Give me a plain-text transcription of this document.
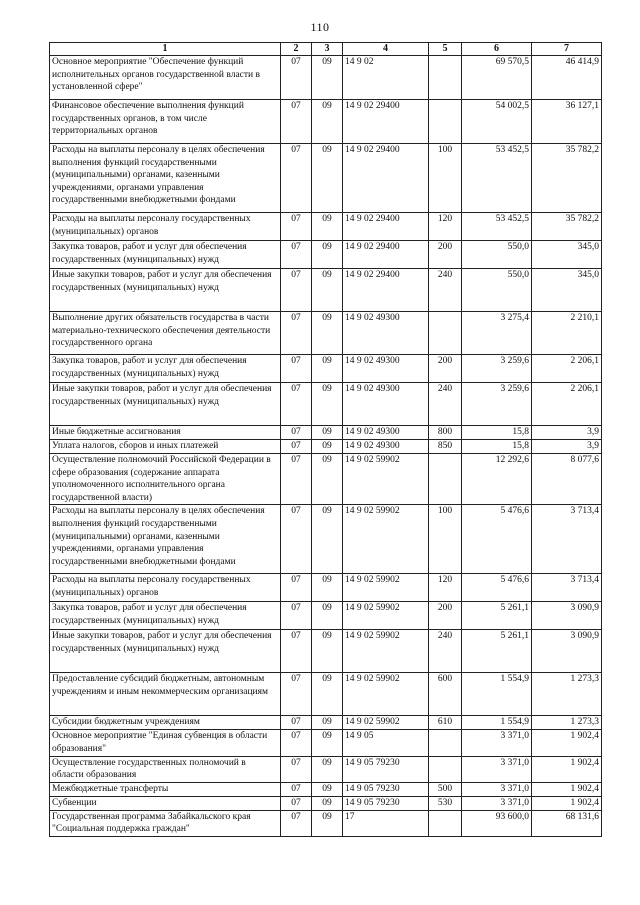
110
1	2	3	4	5	6	7
Основное мероприятие "Обеспечение функций исполнительных органов государственной власти в установленной сфере"	07	09	14 9 02		69 570,5	46 414,9
Финансовое обеспечение выполнения функций государственных органов, в том числе территориальных органов	07	09	14 9 02 29400		54 002,5	36 127,1
Расходы на выплаты персоналу в целях обеспечения выполнения функций государственными (муниципальными) органами, казенными учреждениями, органами управления государственными внебюджетными фондами	07	09	14 9 02 29400	100	53 452,5	35 782,2
Расходы на выплаты персоналу государственных (муниципальных) органов	07	09	14 9 02 29400	120	53 452,5	35 782,2
Закупка товаров, работ и услуг для обеспечения государственных (муниципальных) нужд	07	09	14 9 02 29400	200	550,0	345,0
Иные закупки товаров, работ и услуг для обеспечения государственных (муниципальных) нужд	07	09	14 9 02 29400	240	550,0	345,0
Выполнение других обязательств государства в части материально-технического обеспечения деятельности государственного органа	07	09	14 9 02 49300		3 275,4	2 210,1
Закупка товаров, работ и услуг для обеспечения государственных (муниципальных) нужд	07	09	14 9 02 49300	200	3 259,6	2 206,1
Иные закупки товаров, работ и услуг для обеспечения государственных (муниципальных) нужд	07	09	14 9 02 49300	240	3 259,6	2 206,1
Иные бюджетные ассигнования	07	09	14 9 02 49300	800	15,8	3,9
Уплата налогов, сборов и иных платежей	07	09	14 9 02 49300	850	15,8	3,9
Осуществление полномочий Российской Федерации в сфере образования (содержание аппарата уполномоченного исполнительного органа государственной власти)	07	09	14 9 02 59902		12 292,6	8 077,6
Расходы на выплаты персоналу в целях обеспечения выполнения функций государственными (муниципальными) органами, казенными учреждениями, органами управления государственными внебюджетными фондами	07	09	14 9 02 59902	100	5 476,6	3 713,4
Расходы на выплаты персоналу государственных (муниципальных) органов	07	09	14 9 02 59902	120	5 476,6	3 713,4
Закупка товаров, работ и услуг для обеспечения государственных (муниципальных) нужд	07	09	14 9 02 59902	200	5 261,1	3 090,9
Иные закупки товаров, работ и услуг для обеспечения государственных (муниципальных) нужд	07	09	14 9 02 59902	240	5 261,1	3 090,9
Предоставление субсидий бюджетным, автономным учреждениям и иным некоммерческим организациям	07	09	14 9 02 59902	600	1 554,9	1 273,3
Субсидии бюджетным учреждениям	07	09	14 9 02 59902	610	1 554,9	1 273,3
Основное мероприятие "Единая субвенция в области образования"	07	09	14 9 05		3 371,0	1 902,4
Осуществление государственных полномочий в области образования	07	09	14 9 05 79230		3 371,0	1 902,4
Межбюджетные трансферты	07	09	14 9 05 79230	500	3 371,0	1 902,4
Субвенции	07	09	14 9 05 79230	530	3 371,0	1 902,4
Государственная программа Забайкальского края "Социальная поддержка граждан"	07	09	17		93 600,0	68 131,6
